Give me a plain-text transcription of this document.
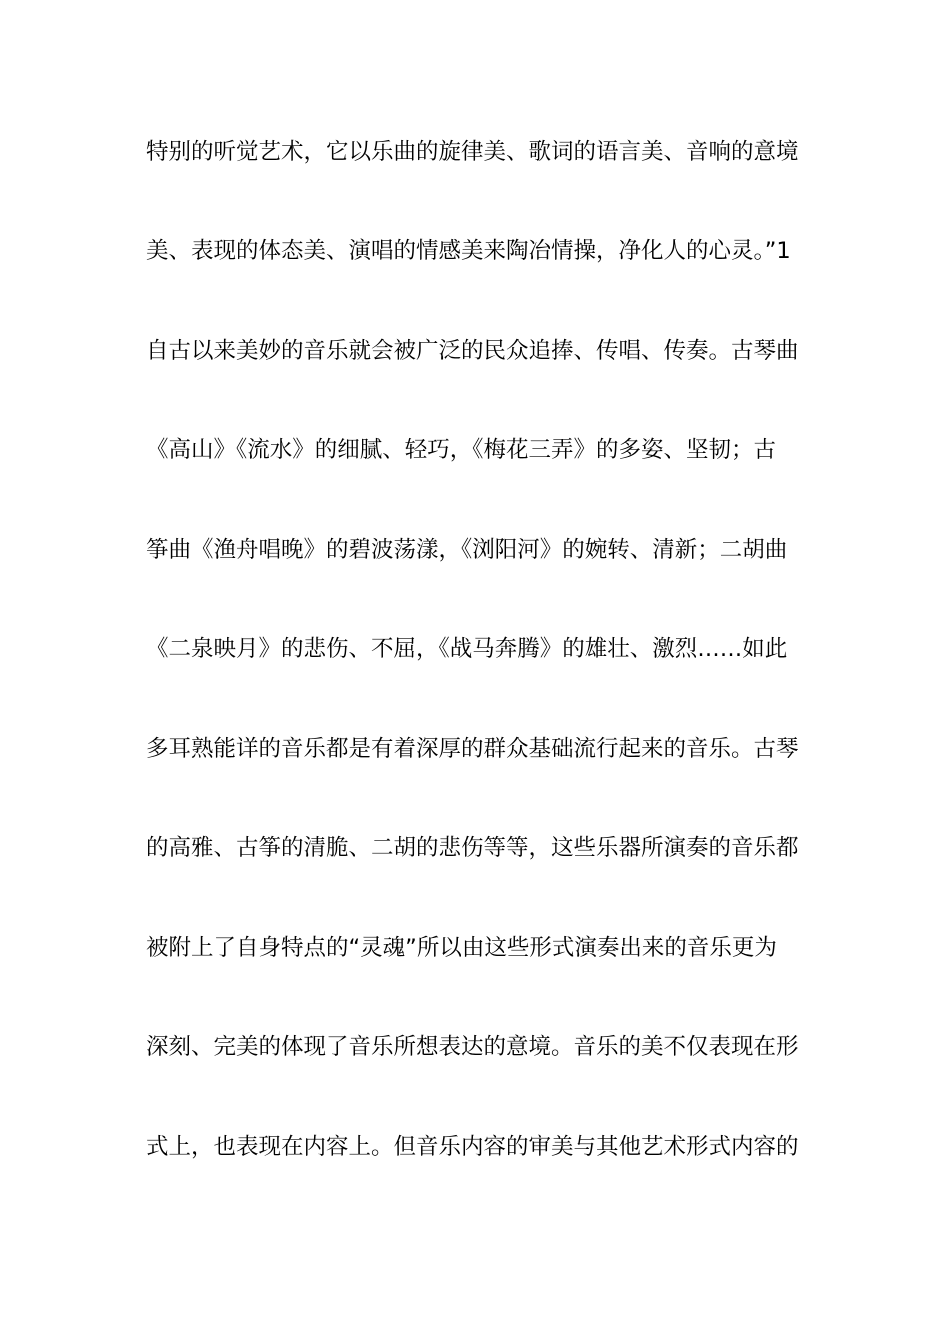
特别的听觉艺术，它以乐曲的旋律美、歌词的语言美、音响的意境
美、表现的体态美、演唱的情感美来陶冶情操，净化人的心灵。”1
自古以来美妙的音乐就会被广泛的民众追捧、传唱、传奏。古琴曲
《高山》《流水》的细腻、轻巧，《梅花三弄》的多姿、坚韧；古
筝曲《渔舟唱晚》的碧波荡漾，《浏阳河》的婉转、清新；二胡曲
《二泉映月》的悲伤、不屈，《战马奔腾》的雄壮、激烈……如此
多耳熟能详的音乐都是有着深厚的群众基础流行起来的音乐。古琴
的高雅、古筝的清脆、二胡的悲伤等等，这些乐器所演奏的音乐都
被附上了自身特点的“灵魂”所以由这些形式演奏出来的音乐更为
深刻、完美的体现了音乐所想表达的意境。音乐的美不仅表现在形
式上，也表现在内容上。但音乐内容的审美与其他艺术形式内容的
